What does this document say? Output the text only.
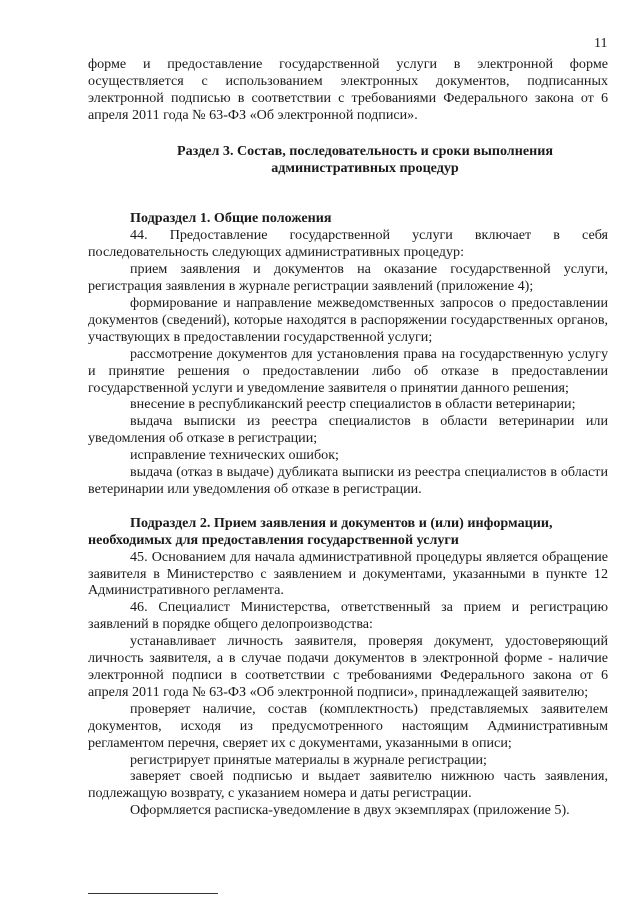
11

форме и предоставление государственной услуги в электронной форме осуществляется с использованием электронных документов, подписанных электронной подписью в соответствии с требованиями Федерального закона от 6 апреля 2011 года № 63-ФЗ «Об электронной подписи».

Раздел 3. Состав, последовательность и сроки выполнения административных процедур

Подраздел 1. Общие положения

44. Предоставление государственной услуги включает в себя последовательность следующих административных процедур:

прием заявления и документов на оказание государственной услуги, регистрация заявления в журнале регистрации заявлений (приложение 4);

формирование и направление межведомственных запросов о предоставлении документов (сведений), которые находятся в распоряжении государственных органов, участвующих в предоставлении государственной услуги;

рассмотрение документов для установления права на государственную услугу и принятие решения о предоставлении либо об отказе в предоставлении государственной услуги и уведомление заявителя о принятии данного решения;

внесение в республиканский реестр специалистов в области ветеринарии;

выдача выписки из реестра специалистов в области ветеринарии или уведомления об отказе в регистрации;

исправление технических ошибок;

выдача (отказ в выдаче) дубликата выписки из реестра специалистов в области ветеринарии или уведомления об отказе в регистрации.

Подраздел 2. Прием заявления и документов и (или) информации, необходимых для предоставления государственной услуги

45. Основанием для начала административной процедуры является обращение заявителя в Министерство с заявлением и документами, указанными в пункте 12 Административного регламента.

46. Специалист Министерства, ответственный за прием и регистрацию заявлений в порядке общего делопроизводства:

устанавливает личность заявителя, проверяя документ, удостоверяющий личность заявителя, а в случае подачи документов в электронной форме - наличие электронной подписи в соответствии с требованиями Федерального закона от 6 апреля 2011 года № 63-ФЗ «Об электронной подписи», принадлежащей заявителю;

проверяет наличие, состав (комплектность) представляемых заявителем документов, исходя из предусмотренного настоящим Административным регламентом перечня, сверяет их с документами, указанными в описи;

регистрирует принятые материалы в журнале регистрации;

заверяет своей подписью и выдает заявителю нижнюю часть заявления, подлежащую возврату, с указанием номера и даты регистрации.

Оформляется расписка-уведомление в двух экземплярах (приложение 5).
